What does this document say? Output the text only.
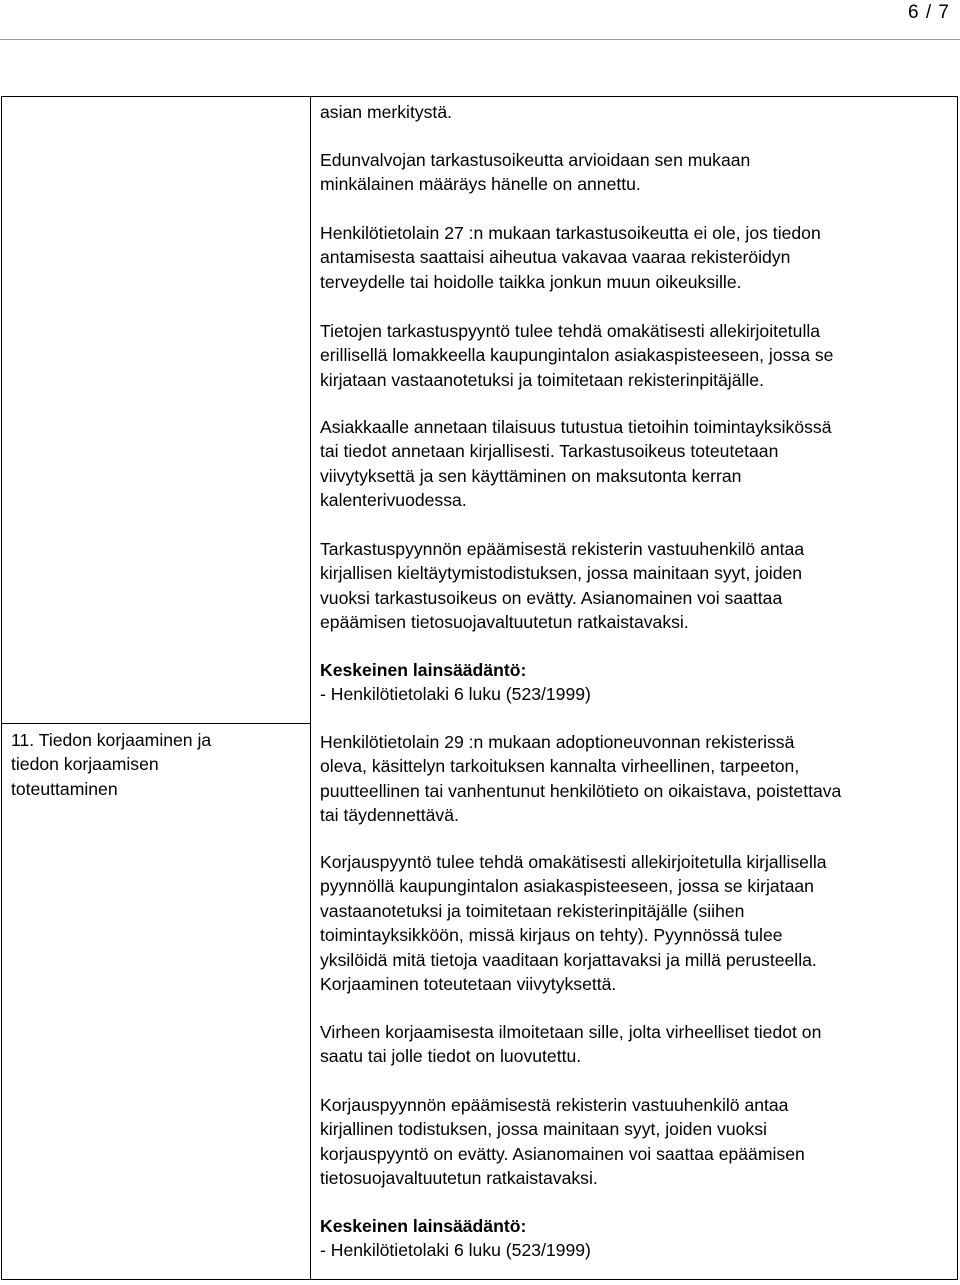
6 / 7
11. Tiedon korjaaminen ja
tiedon korjaamisen
toteuttaminen

asian merkitystä.

Edunvalvojan tarkastusoikeutta arvioidaan sen mukaan
minkälainen määräys hänelle on annettu.

Henkilötietolain 27 :n mukaan tarkastusoikeutta ei ole, jos tiedon
antamisesta saattaisi aiheutua vakavaa vaaraa rekisteröidyn
terveydelle tai hoidolle taikka jonkun muun oikeuksille.

Tietojen tarkastuspyyntö tulee tehdä omakätisesti allekirjoitetulla
erillisellä lomakkeella kaupungintalon asiakaspisteeseen, jossa se
kirjataan vastaanotetuksi ja toimitetaan rekisterinpitäjälle.

Asiakkaalle annetaan tilaisuus tutustua tietoihin toimintayksikössä
tai tiedot annetaan kirjallisesti. Tarkastusoikeus toteutetaan
viivytyksettä ja sen käyttäminen on maksutonta kerran
kalenterivuodessa.

Tarkastuspyynnön epäämisestä rekisterin vastuuhenkilö antaa
kirjallisen kieltäytymistodistuksen, jossa mainitaan syyt, joiden
vuoksi tarkastusoikeus on evätty. Asianomainen voi saattaa
epäämisen tietosuojavaltuutetun ratkaistavaksi.

Keskeinen lainsäädäntö:
- Henkilötietolaki 6 luku (523/1999)

Henkilötietolain 29 :n mukaan adoptioneuvonnan rekisterissä
oleva, käsittelyn tarkoituksen kannalta virheellinen, tarpeeton,
puutteellinen tai vanhentunut henkilötieto on oikaistava, poistettava
tai täydennettävä.

Korjauspyyntö tulee tehdä omakätisesti allekirjoitetulla kirjallisella
pyynnöllä kaupungintalon asiakaspisteeseen, jossa se kirjataan
vastaanotetuksi ja toimitetaan rekisterinpitäjälle (siihen
toimintayksikköön, missä kirjaus on tehty). Pyynnössä tulee
yksilöidä mitä tietoja vaaditaan korjattavaksi ja millä perusteella.
Korjaaminen toteutetaan viivytyksettä.

Virheen korjaamisesta ilmoitetaan sille, jolta virheelliset tiedot on
saatu tai jolle tiedot on luovutettu.

Korjauspyynnön epäämisestä rekisterin vastuuhenkilö antaa
kirjallinen todistuksen, jossa mainitaan syyt, joiden vuoksi
korjauspyyntö on evätty. Asianomainen voi saattaa epäämisen
tietosuojavaltuutetun ratkaistavaksi.

Keskeinen lainsäädäntö:
- Henkilötietolaki 6 luku (523/1999)
